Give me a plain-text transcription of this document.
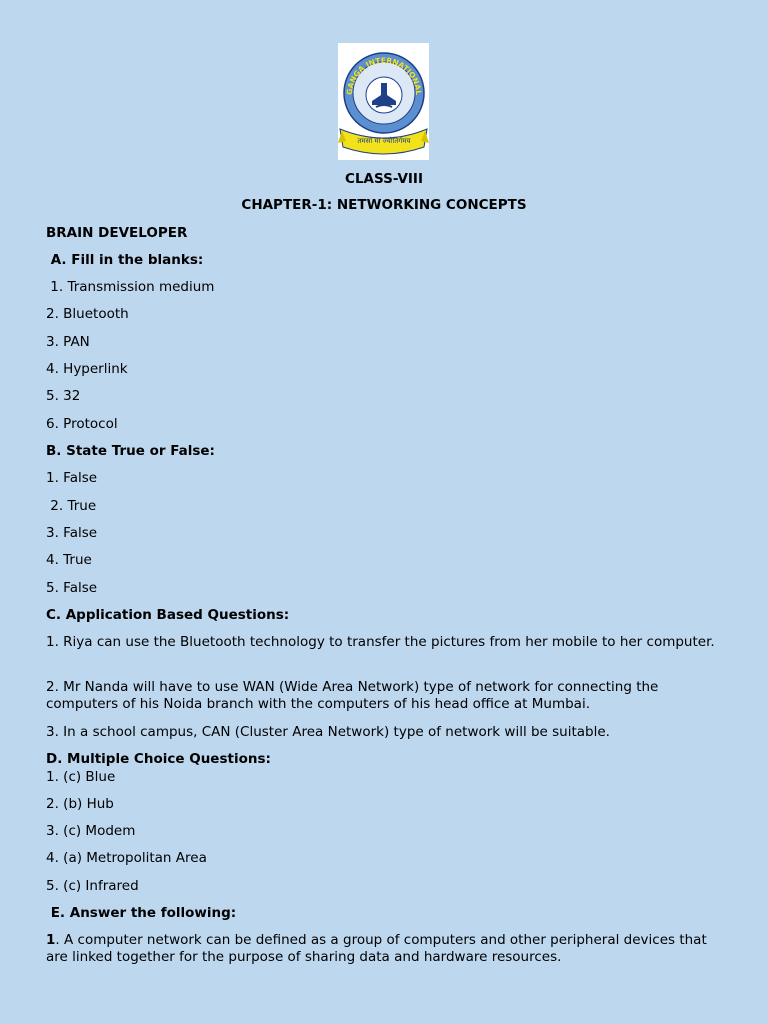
GANGA INTERNATIONAL
तमसो मा ज्योतिर्गमय
CLASS-VIII
CHAPTER-1: NETWORKING CONCEPTS
BRAIN DEVELOPER
A. Fill in the blanks:
1. Transmission medium
2. Bluetooth
3. PAN
4. Hyperlink
5. 32
6. Protocol
B. State True or False:
1. False
2. True
3. False
4. True
5. False
C. Application Based Questions:
1. Riya can use the Bluetooth technology to transfer the pictures from her mobile to her computer.
2. Mr Nanda will have to use WAN (Wide Area Network) type of network for connecting the computers of his Noida branch with the computers of his head office at Mumbai.
3. In a school campus, CAN (Cluster Area Network) type of network will be suitable.
D. Multiple Choice Questions:
1. (c) Blue
2. (b) Hub
3. (c) Modem
4. (a) Metropolitan Area
5. (c) Infrared
E. Answer the following:
1. A computer network can be defined as a group of computers and other peripheral devices that are linked together for the purpose of sharing data and hardware resources.
